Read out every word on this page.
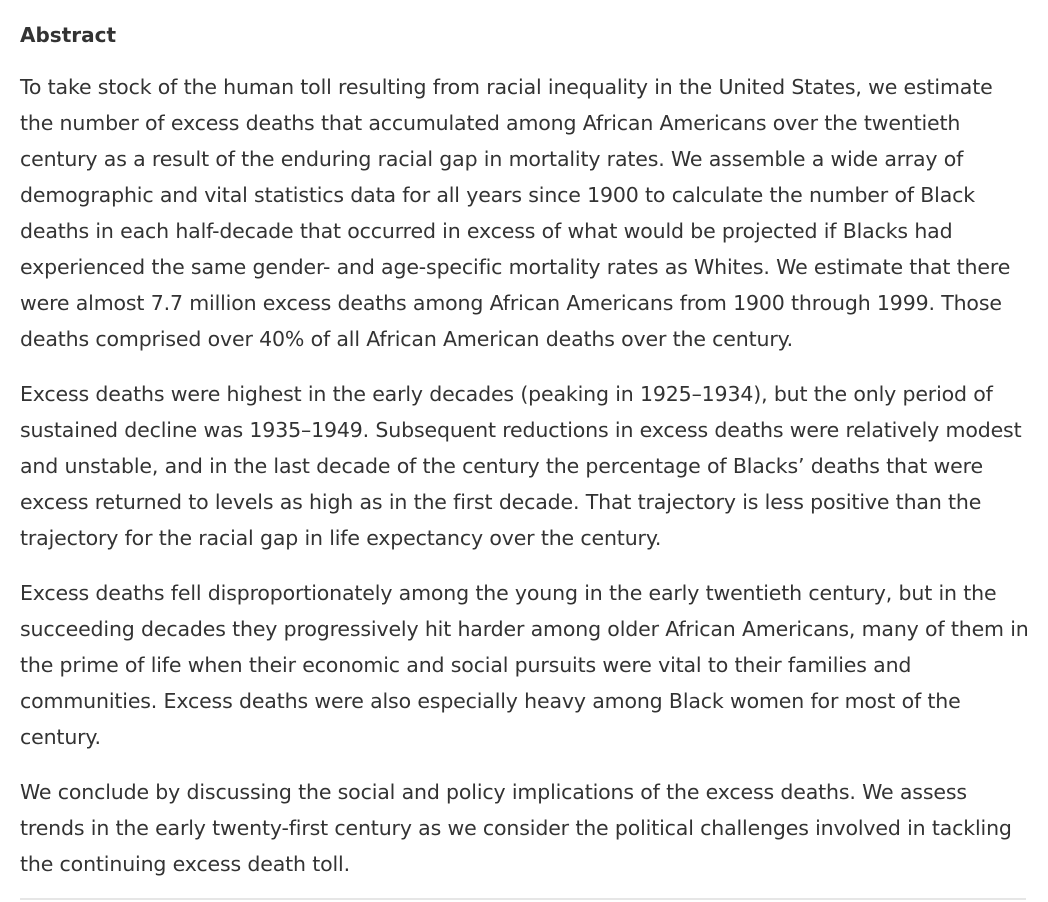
Abstract

To take stock of the human toll resulting from racial inequality in the United States, we estimate the number of excess deaths that accumulated among African Americans over the twentieth century as a result of the enduring racial gap in mortality rates. We assemble a wide array of demographic and vital statistics data for all years since 1900 to calculate the number of Black deaths in each half-decade that occurred in excess of what would be projected if Blacks had experienced the same gender- and age-specific mortality rates as Whites. We estimate that there were almost 7.7 million excess deaths among African Americans from 1900 through 1999. Those deaths comprised over 40% of all African American deaths over the century.

Excess deaths were highest in the early decades (peaking in 1925–1934), but the only period of sustained decline was 1935–1949. Subsequent reductions in excess deaths were relatively modest and unstable, and in the last decade of the century the percentage of Blacks’ deaths that were excess returned to levels as high as in the first decade. That trajectory is less positive than the trajectory for the racial gap in life expectancy over the century.

Excess deaths fell disproportionately among the young in the early twentieth century, but in the succeeding decades they progressively hit harder among older African Americans, many of them in the prime of life when their economic and social pursuits were vital to their families and communities. Excess deaths were also especially heavy among Black women for most of the century.

We conclude by discussing the social and policy implications of the excess deaths. We assess trends in the early twenty-first century as we consider the political challenges involved in tackling the continuing excess death toll.
